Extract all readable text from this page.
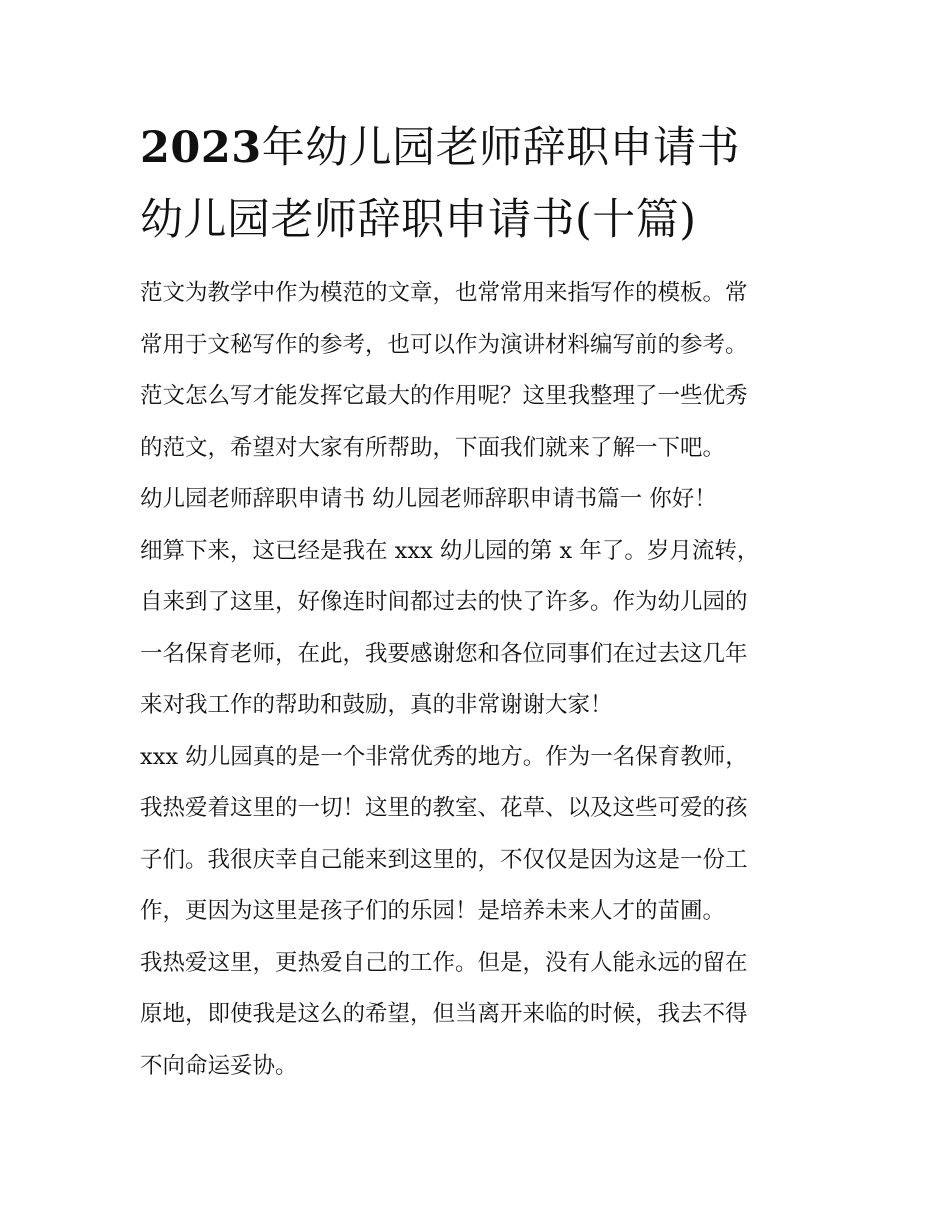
2023年幼儿园老师辞职申请书
幼儿园老师辞职申请书(十篇)
范文为教学中作为模范的文章，也常常用来指写作的模板。常
常用于文秘写作的参考，也可以作为演讲材料编写前的参考。
范文怎么写才能发挥它最大的作用呢？这里我整理了一些优秀
的范文，希望对大家有所帮助，下面我们就来了解一下吧。
幼儿园老师辞职申请书 幼儿园老师辞职申请书篇一 你好！
细算下来，这已经是我在 xxx 幼儿园的第 x 年了。岁月流转，
自来到了这里，好像连时间都过去的快了许多。作为幼儿园的
一名保育老师，在此，我要感谢您和各位同事们在过去这几年
来对我工作的帮助和鼓励，真的非常谢谢大家！
xxx 幼儿园真的是一个非常优秀的地方。作为一名保育教师，
我热爱着这里的一切！这里的教室、花草、以及这些可爱的孩
子们。我很庆幸自己能来到这里的，不仅仅是因为这是一份工
作，更因为这里是孩子们的乐园！是培养未来人才的苗圃。
我热爱这里，更热爱自己的工作。但是，没有人能永远的留在
原地，即使我是这么的希望，但当离开来临的时候，我去不得
不向命运妥协。
